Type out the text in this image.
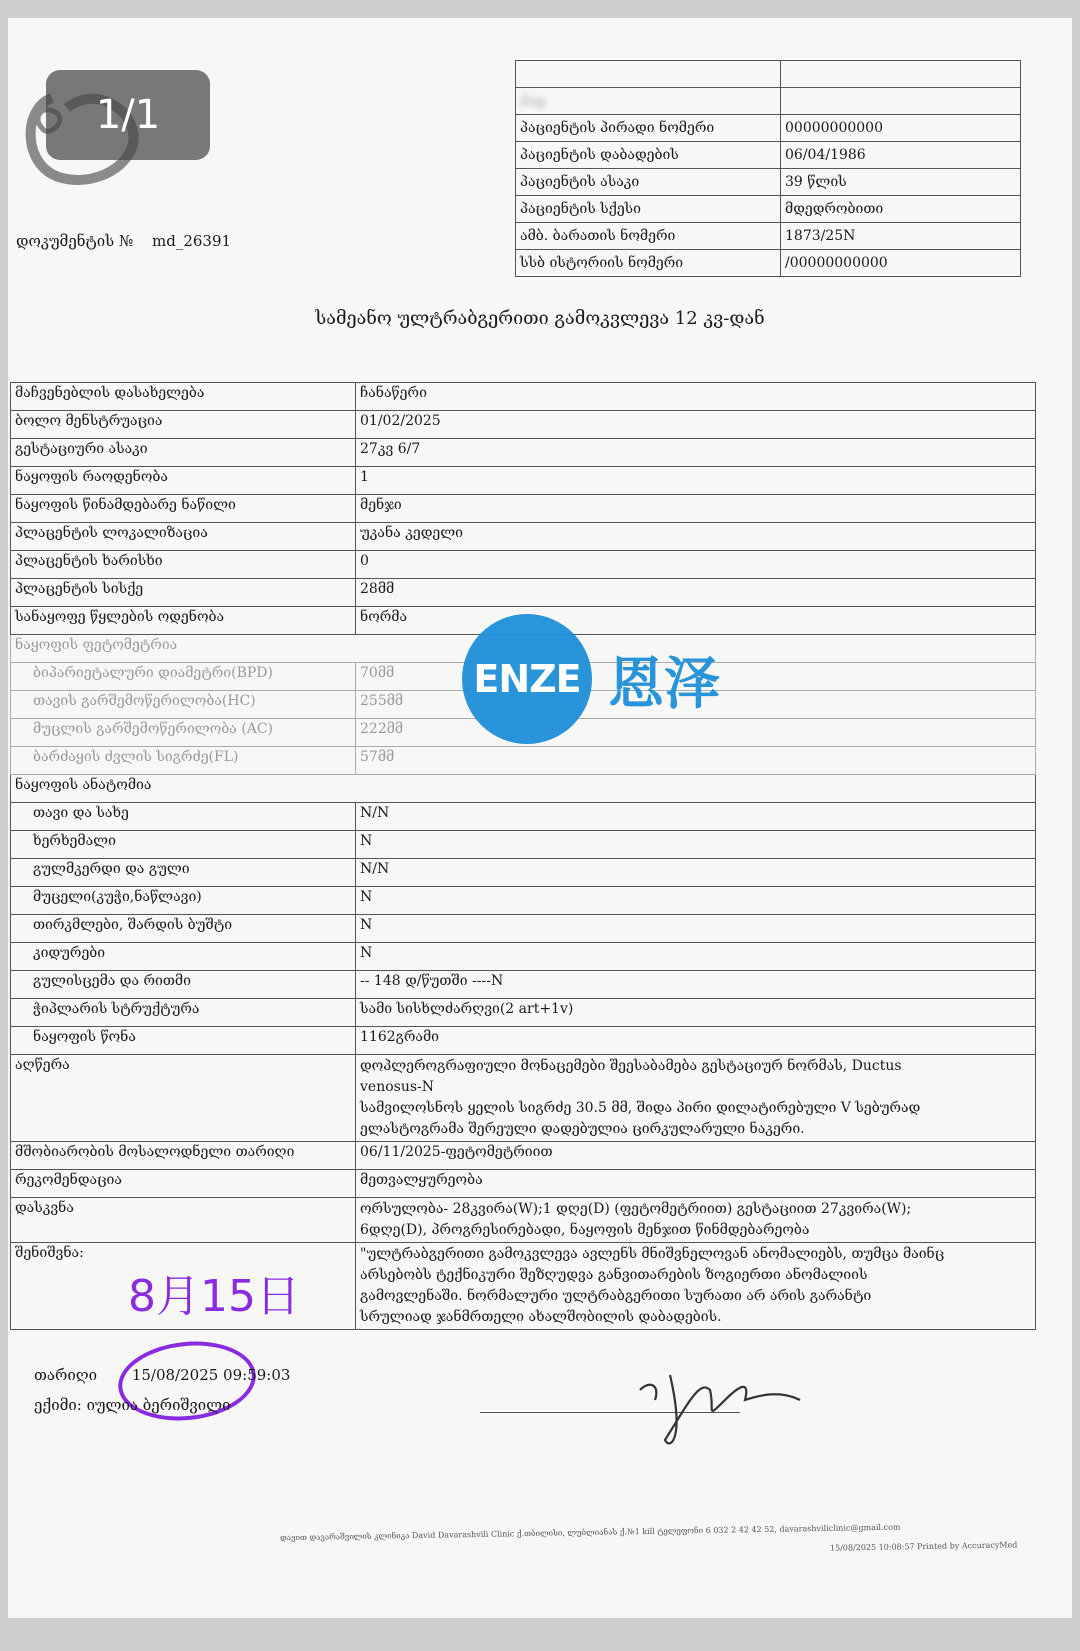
1/1
დოკუმენტის № md_26391

პაც	
პაციენტის პირადი ნომერი	00000000000
პაციენტის დაბადების	06/04/1986
პაციენტის ასაკი	39 წლის
პაციენტის სქესი	მდედრობითი
ამბ. ბარათის ნომერი	1873/25N
სსბ ისტორიის ნომერი	/00000000000
სამეანო ულტრაბგერითი გამოკვლევა 12 კვ-დან
მაჩვენებლის დასახელება	ჩანაწერი
ბოლო მენსტრუაცია	01/02/2025
გესტაციური ასაკი	27კვ 6/7
ნაყოფის რაოდენობა	1
ნაყოფის წინამდებარე ნაწილი	მენჯი
პლაცენტის ლოკალიზაცია	უკანა კედელი
პლაცენტის ხარისხი	0
პლაცენტის სისქე	28მმ
სანაყოფე წყლების ოდენობა	ნორმა
ნაყოფის ფეტომეტრია	
ბიპარიეტალური დიამეტრი(BPD)	70მმ
თავის გარშემოწერილობა(HC)	255მმ
მუცლის გარშემოწერილობა (AC)	222მმ
ბარძაყის ძვლის სიგრძე(FL)	57მმ
ნაყოფის ანატომია	
თავი და სახე	N/N
ხერხემალი	N
გულმკერდი და გული	N/N
მუცელი(კუჭი,ნაწლავი)	N
თირკმლები, შარდის ბუშტი	N
კიდურები	N
გულისცემა და რითმი	-- 148 დ/წუთში ----N
ჭიპლარის სტრუქტურა	სამი სისხლძარღვი(2 art+1v)
ნაყოფის წონა	1162გრამი
აღწერა	დოპლეროგრაფიული მონაცემები შეესაბამება გესტაციურ ნორმას, Ductus
venosus-N
სამვილოსნოს ყელის სიგრძე 30.5 მმ, შიდა პირი დილატირებული V სებურად
ელასტოგრამა შერეული დადებულია ცირკულარული ნაკერი.

მშობიარობის მოსალოდნელი თარიღი	06/11/2025-ფეტომეტრიით
რეკომენდაცია	მეთვალყურეობა
დასკვნა	ორსულობა- 28კვირა(W);1 დღე(D) (ფეტომეტრიით) გესტაციით 27კვირა(W);
6დღე(D), პროგრესირებადი, ნაყოფის მენჯით წინმდებარეობა

შენიშვნა:	"ულტრაბგერითი გამოკვლევა ავლენს მნიშვნელოვან ანომალიებს, თუმცა მაინც
არსებობს ტექნიკური შეზღუდვა განვითარების ზოგიერთი ანომალიის
გამოვლენაში. ნორმალური ულტრაბგერითი სურათი არ არის გარანტი
სრულიად ჯანმრთელი ახალშობილის დაბადების.
ENZE 恩泽
8月15日
თარიღი 15/08/2025 09:59:03
ექიმი: იულია ბერიშვილი
დავით დავარაშვილის კლინიკა David Davarashvili Clinic ქ.თბილისი, ლუბლიანას ქ.№1 kill ტელეფონი 6 032 2 42 42 52, davarashviliclinic@gmail.com
15/08/2025 10:08:57 Printed by AccuracyMed
